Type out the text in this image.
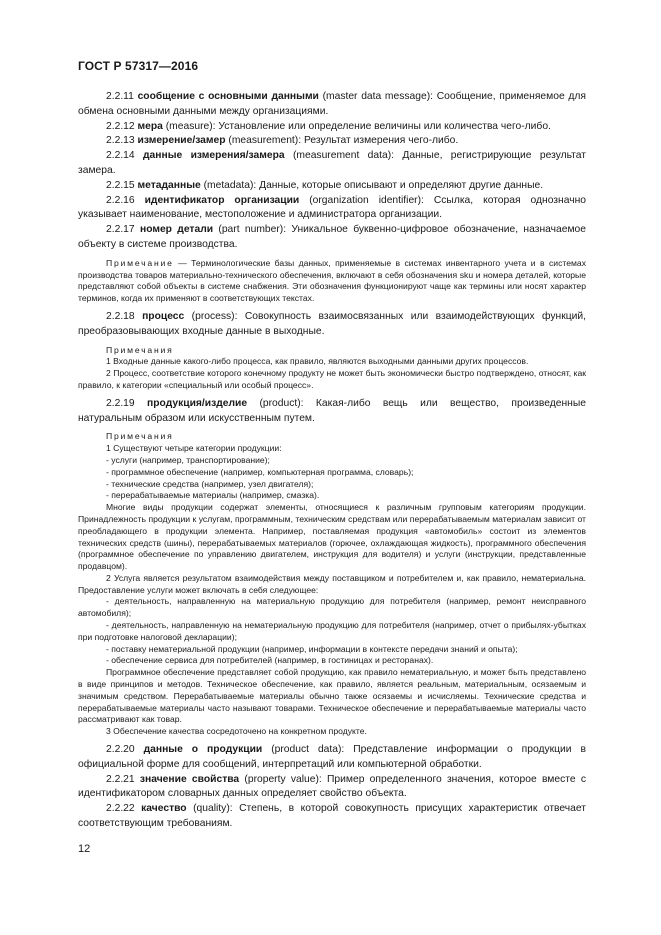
ГОСТ Р 57317—2016

2.2.11 сообщение с основными данными (master data message): Сообщение, применяемое для обмена основными данными между организациями.

2.2.12 мера (measure): Установление или определение величины или количества чего-либо.

2.2.13 измерение/замер (measurement): Результат измерения чего-либо.

2.2.14 данные измерения/замера (measurement data): Данные, регистрирующие результат замера.

2.2.15 метаданные (metadata): Данные, которые описывают и определяют другие данные.

2.2.16 идентификатор организации (organization identifier): Ссылка, которая однозначно указывает наименование, местоположение и администратора организации.

2.2.17 номер детали (part number): Уникальное буквенно-цифровое обозначение, назначаемое объекту в системе производства.

Примечание — Терминологические базы данных, применяемые в системах инвентарного учета и в системах производства товаров материально-технического обеспечения, включают в себя обозначения sku и номера деталей, которые представляют собой объекты в системе снабжения. Эти обозначения функционируют чаще как термины или носят характер терминов, когда их применяют в соответствующих текстах.

2.2.18 процесс (process): Совокупность взаимосвязанных или взаимодействующих функций, преобразовывающих входные данные в выходные.

Примечания

1 Входные данные какого-либо процесса, как правило, являются выходными данными других процессов.

2 Процесс, соответствие которого конечному продукту не может быть экономически быстро подтверждено, относят, как правило, к категории «специальный или особый процесс».

2.2.19 продукция/изделие (product): Какая-либо вещь или вещество, произведенные натуральным образом или искусственным путем.

Примечания

1 Существуют четыре категории продукции:

- услуги (например, транспортирование);

- программное обеспечение (например, компьютерная программа, словарь);

- технические средства (например, узел двигателя);

- перерабатываемые материалы (например, смазка).

Многие виды продукции содержат элементы, относящиеся к различным групповым категориям продукции. Принадлежность продукции к услугам, программным, техническим средствам или перерабатываемым материалам зависит от преобладающего в продукции элемента. Например, поставляемая продукция «автомобиль» состоит из элементов технических средств (шины), перерабатываемых материалов (горючее, охлаждающая жидкость), программного обеспечения (программное обеспечение по управлению двигателем, инструкция для водителя) и услуги (инструкции, представленные продавцом).

2 Услуга является результатом взаимодействия между поставщиком и потребителем и, как правило, нематериальна. Предоставление услуги может включать в себя следующее:

- деятельность, направленную на материальную продукцию для потребителя (например, ремонт неисправного автомобиля);

- деятельность, направленную на нематериальную продукцию для потребителя (например, отчет о прибылях-убытках при подготовке налоговой декларации);

- поставку нематериальной продукции (например, информации в контексте передачи знаний и опыта);

- обеспечение сервиса для потребителей (например, в гостиницах и ресторанах).

Программное обеспечение представляет собой продукцию, как правило нематериальную, и может быть представлено в виде принципов и методов. Техническое обеспечение, как правило, является реальным, материальным, осязаемым и значимым средством. Перерабатываемые материалы обычно также осязаемы и исчисляемы. Технические средства и перерабатываемые материалы часто называют товарами. Техническое обеспечение и перерабатываемые материалы часто рассматривают как товар.

3 Обеспечение качества сосредоточено на конкретном продукте.

2.2.20 данные о продукции (product data): Представление информации о продукции в официальной форме для сообщений, интерпретаций или компьютерной обработки.

2.2.21 значение свойства (property value): Пример определенного значения, которое вместе с идентификатором словарных данных определяет свойство объекта.

2.2.22 качество (quality): Степень, в которой совокупность присущих характеристик отвечает соответствующим требованиям.

12
